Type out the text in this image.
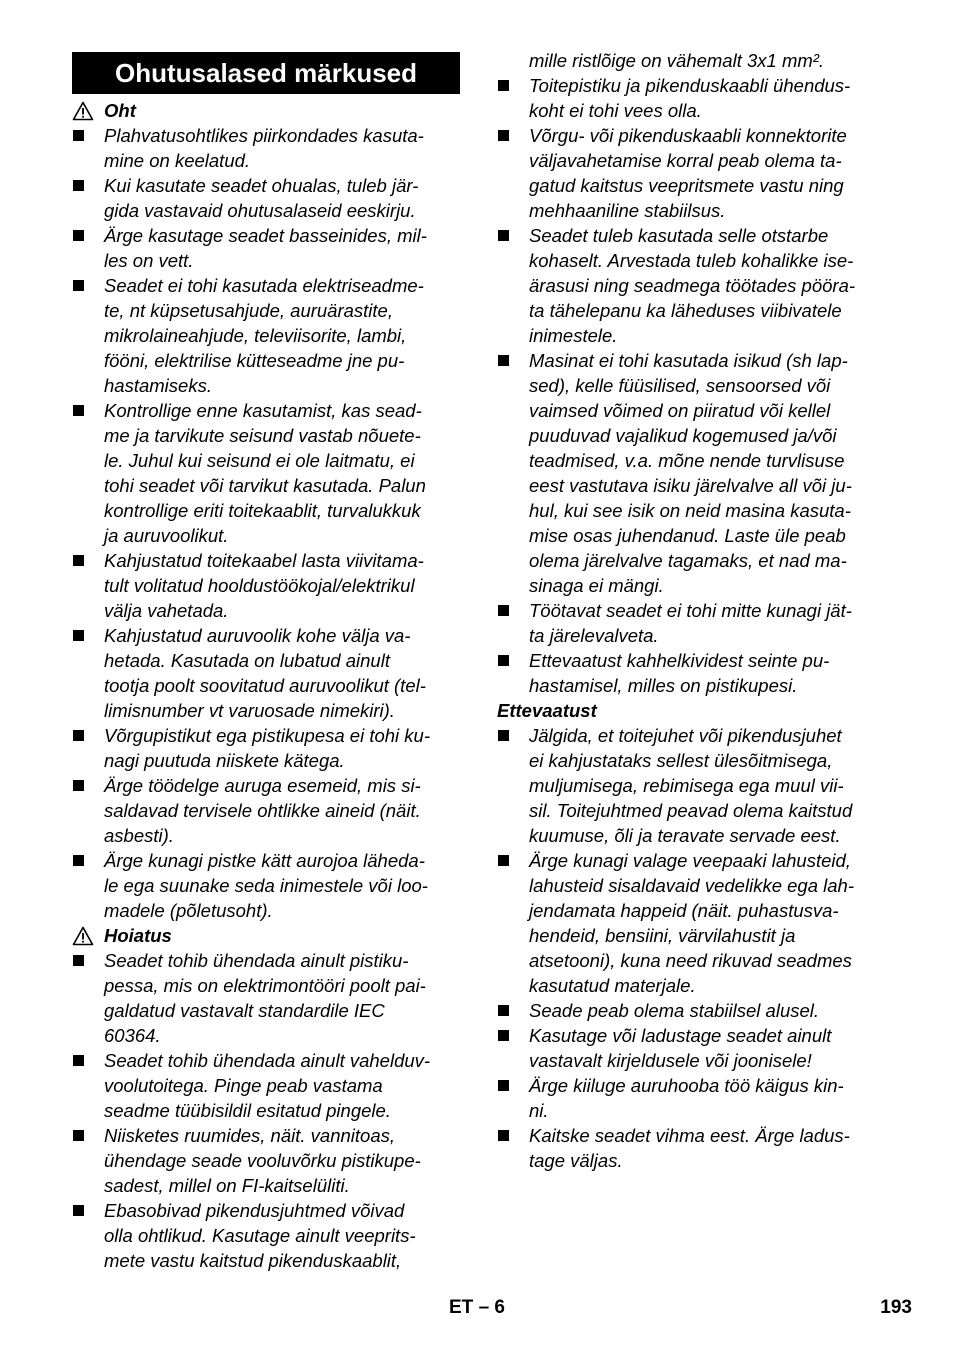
Ohutusalased märkused
Oht
Plahvatusohtlikes piirkondades kasuta-
mine on keelatud.
Kui kasutate seadet ohualas, tuleb jär-
gida vastavaid ohutusalaseid eeskirju.
Ärge kasutage seadet basseinides, mil-
les on vett.
Seadet ei tohi kasutada elektriseadme-
te, nt küpsetusahjude, auruärastite,
mikrolaineahjude, televiisorite, lambi,
fööni, elektrilise kütteseadme jne pu-
hastamiseks.
Kontrollige enne kasutamist, kas sead-
me ja tarvikute seisund vastab nõuete-
le. Juhul kui seisund ei ole laitmatu, ei
tohi seadet või tarvikut kasutada. Palun
kontrollige eriti toitekaablit, turvalukkuk
ja auruvoolikut.
Kahjustatud toitekaabel lasta viivitama-
tult volitatud hooldustöökojal/elektrikul
välja vahetada.
Kahjustatud auruvoolik kohe välja va-
hetada. Kasutada on lubatud ainult
tootja poolt soovitatud auruvoolikut (tel-
limisnumber vt varuosade nimekiri).
Võrgupistikut ega pistikupesa ei tohi ku-
nagi puutuda niiskete kätega.
Ärge töödelge auruga esemeid, mis si-
saldavad tervisele ohtlikke aineid (näit.
asbesti).
Ärge kunagi pistke kätt aurojoa läheda-
le ega suunake seda inimestele või loo-
madele (põletusoht).
Hoiatus
Seadet tohib ühendada ainult pistiku-
pessa, mis on elektrimontööri poolt pai-
galdatud vastavalt standardile IEC
60364.
Seadet tohib ühendada ainult vahelduv-
voolutoitega. Pinge peab vastama
seadme tüübisildil esitatud pingele.
Niisketes ruumides, näit. vannitoas,
ühendage seade vooluvõrku pistikupe-
sadest, millel on FI-kaitselüliti.
Ebasobivad pikendusjuhtmed võivad
olla ohtlikud. Kasutage ainult veeprits-
mete vastu kaitstud pikenduskaablit,
mille ristlõige on vähemalt 3x1 mm².
Toitepistiku ja pikenduskaabli ühendus-
koht ei tohi vees olla.
Võrgu- või pikenduskaabli konnektorite
väljavahetamise korral peab olema ta-
gatud kaitstus veepritsmete vastu ning
mehhaaniline stabiilsus.
Seadet tuleb kasutada selle otstarbe
kohaselt. Arvestada tuleb kohalikke ise-
ärasusi ning seadmega töötades pööra-
ta tähelepanu ka läheduses viibivatele
inimestele.
Masinat ei tohi kasutada isikud (sh lap-
sed), kelle füüsilised, sensoorsed või
vaimsed võimed on piiratud või kellel
puuduvad vajalikud kogemused ja/või
teadmised, v.a. mõne nende turvlisuse
eest vastutava isiku järelvalve all või ju-
hul, kui see isik on neid masina kasuta-
mise osas juhendanud. Laste üle peab
olema järelvalve tagamaks, et nad ma-
sinaga ei mängi.
Töötavat seadet ei tohi mitte kunagi jät-
ta järelevalveta.
Ettevaatust kahhelkividest seinte pu-
hastamisel, milles on pistikupesi.
Ettevaatust
Jälgida, et toitejuhet või pikendusjuhet
ei kahjustataks sellest ülesõitmisega,
muljumisega, rebimisega ega muul vii-
sil. Toitejuhtmed peavad olema kaitstud
kuumuse, õli ja teravate servade eest.
Ärge kunagi valage veepaaki lahusteid,
lahusteid sisaldavaid vedelikke ega lah-
jendamata happeid (näit. puhastusva-
hendeid, bensiini, värvilahustit ja
atsetooni), kuna need rikuvad seadmes
kasutatud materjale.
Seade peab olema stabiilsel alusel.
Kasutage või ladustage seadet ainult
vastavalt kirjeldusele või joonisele!
Ärge kiiluge auruhooba töö käigus kin-
ni.
Kaitske seadet vihma eest. Ärge ladus-
tage väljas.
ET – 6	193
